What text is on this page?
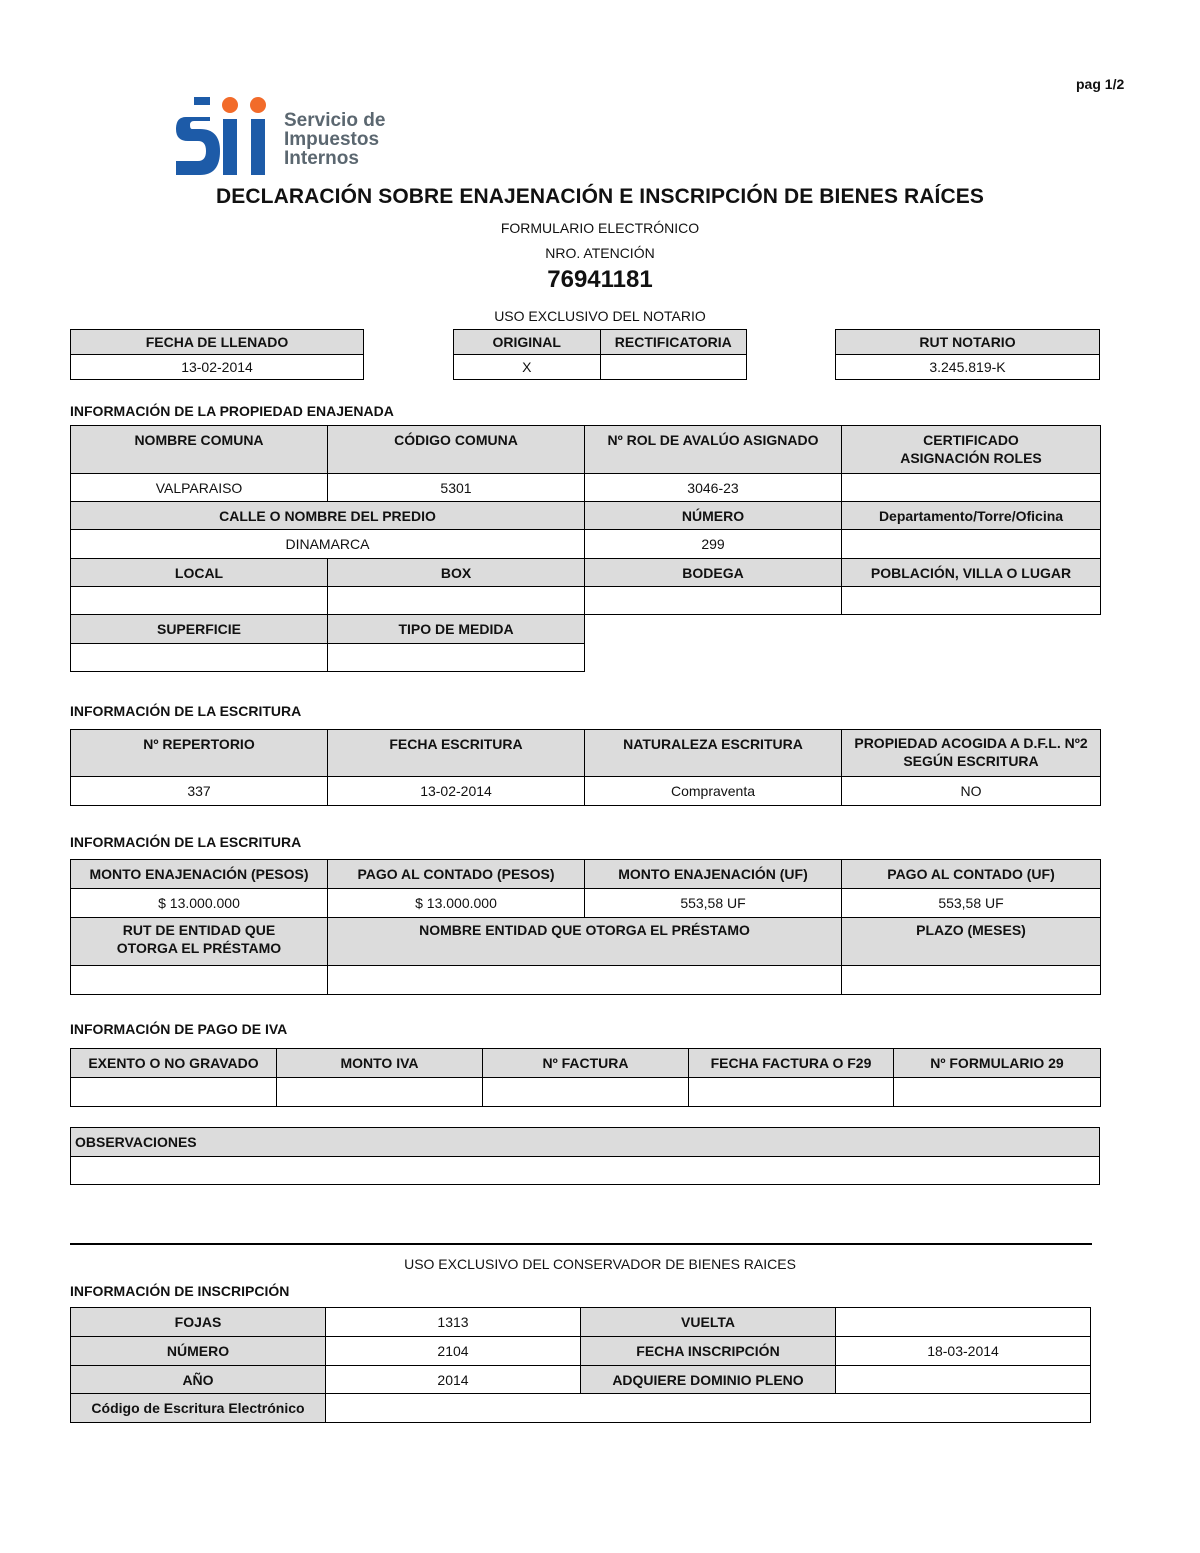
pag 1/2
Servicio de
Impuestos
Internos
DECLARACIÓN SOBRE ENAJENACIÓN E INSCRIPCIÓN DE BIENES RAÍCES
FORMULARIO ELECTRÓNICO
NRO. ATENCIÓN
76941181
USO EXCLUSIVO DEL NOTARIO
FECHA DE LLENADO
13-02-2014
ORIGINAL	RECTIFICATORIA
X	
RUT NOTARIO
3.245.819-K
INFORMACIÓN DE LA PROPIEDAD ENAJENADA
NOMBRE COMUNA	CÓDIGO COMUNA	Nº ROL DE AVALÚO ASIGNADO	CERTIFICADO ASIGNACIÓN ROLES
VALPARAISO	5301	3046-23	
CALLE O NOMBRE DEL PREDIO		NÚMERO	Departamento/Torre/Oficina
DINAMARCA		299	
LOCAL	BOX	BODEGA	POBLACIÓN, VILLA O LUGAR

SUPERFICIE	TIPO DE MEDIDA		

INFORMACIÓN DE LA ESCRITURA
Nº REPERTORIO	FECHA ESCRITURA	NATURALEZA ESCRITURA	PROPIEDAD ACOGIDA A D.F.L. Nº2 SEGÚN ESCRITURA
337	13-02-2014	Compraventa	NO
INFORMACIÓN DE LA ESCRITURA
MONTO ENAJENACIÓN (PESOS)	PAGO AL CONTADO (PESOS)	MONTO ENAJENACIÓN (UF)	PAGO AL CONTADO (UF)
$ 13.000.000	$ 13.000.000	553,58 UF	553,58 UF
RUT DE ENTIDAD QUE OTORGA EL PRÉSTAMO	NOMBRE ENTIDAD QUE OTORGA EL PRÉSTAMO		PLAZO (MESES)

INFORMACIÓN DE PAGO DE IVA
EXENTO O NO GRAVADO	MONTO IVA	Nº FACTURA	FECHA FACTURA O F29	Nº FORMULARIO 29

OBSERVACIONES

USO EXCLUSIVO DEL CONSERVADOR DE BIENES RAICES
INFORMACIÓN DE INSCRIPCIÓN
FOJAS	1313	VUELTA	
NÚMERO	2104	FECHA INSCRIPCIÓN	18-03-2014
AÑO	2014	ADQUIERE DOMINIO PLENO	
Código de Escritura Electrónico			
